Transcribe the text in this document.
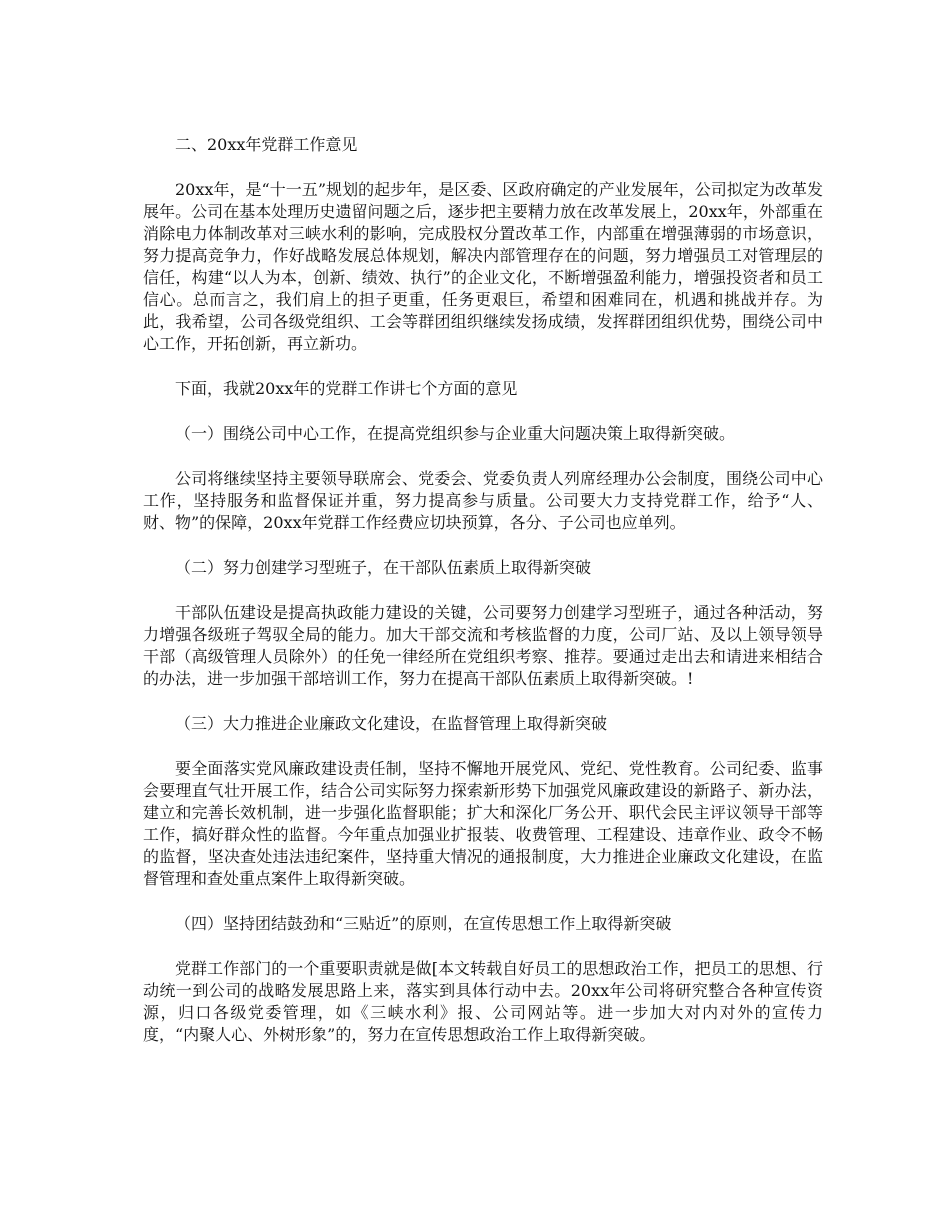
二、20xx年党群工作意见

20xx年，是“十一五”规划的起步年，是区委、区政府确定的产业发展年，公司拟定为改革发展年。公司在基本处理历史遗留问题之后，逐步把主要精力放在改革发展上，20xx年，外部重在消除电力体制改革对三峡水利的影响，完成股权分置改革工作，内部重在增强薄弱的市场意识，努力提高竞争力，作好战略发展总体规划，解决内部管理存在的问题，努力增强员工对管理层的信任，构建“以人为本，创新、绩效、执行”的企业文化，不断增强盈利能力，增强投资者和员工信心。总而言之，我们肩上的担子更重，任务更艰巨，希望和困难同在，机遇和挑战并存。为此，我希望，公司各级党组织、工会等群团组织继续发扬成绩，发挥群团组织优势，围绕公司中心工作，开拓创新，再立新功。

下面，我就20xx年的党群工作讲七个方面的意见

（一）围绕公司中心工作，在提高党组织参与企业重大问题决策上取得新突破。

公司将继续坚持主要领导联席会、党委会、党委负责人列席经理办公会制度，围绕公司中心工作，坚持服务和监督保证并重，努力提高参与质量。公司要大力支持党群工作，给予“人、财、物”的保障，20xx年党群工作经费应切块预算，各分、子公司也应单列。

（二）努力创建学习型班子，在干部队伍素质上取得新突破

干部队伍建设是提高执政能力建设的关键，公司要努力创建学习型班子，通过各种活动，努力增强各级班子驾驭全局的能力。加大干部交流和考核监督的力度，公司厂站、及以上领导领导干部（高级管理人员除外）的任免一律经所在党组织考察、推荐。要通过走出去和请进来相结合的办法，进一步加强干部培训工作，努力在提高干部队伍素质上取得新突破。!

（三）大力推进企业廉政文化建设，在监督管理上取得新突破

要全面落实党风廉政建设责任制，坚持不懈地开展党风、党纪、党性教育。公司纪委、监事会要理直气壮开展工作，结合公司实际努力探索新形势下加强党风廉政建设的新路子、新办法，建立和完善长效机制，进一步强化监督职能；扩大和深化厂务公开、职代会民主评议领导干部等工作，搞好群众性的监督。今年重点加强业扩报装、收费管理、工程建设、违章作业、政令不畅的监督，坚决查处违法违纪案件，坚持重大情况的通报制度，大力推进企业廉政文化建设，在监督管理和查处重点案件上取得新突破。

（四）坚持团结鼓劲和“三贴近”的原则，在宣传思想工作上取得新突破

党群工作部门的一个重要职责就是做[本文转载自好员工的思想政治工作，把员工的思想、行动统一到公司的战略发展思路上来，落实到具体行动中去。20xx年公司将研究整合各种宣传资源，归口各级党委管理，如《三峡水利》报、公司网站等。进一步加大对内对外的宣传力度，“内聚人心、外树形象”的，努力在宣传思想政治工作上取得新突破。
